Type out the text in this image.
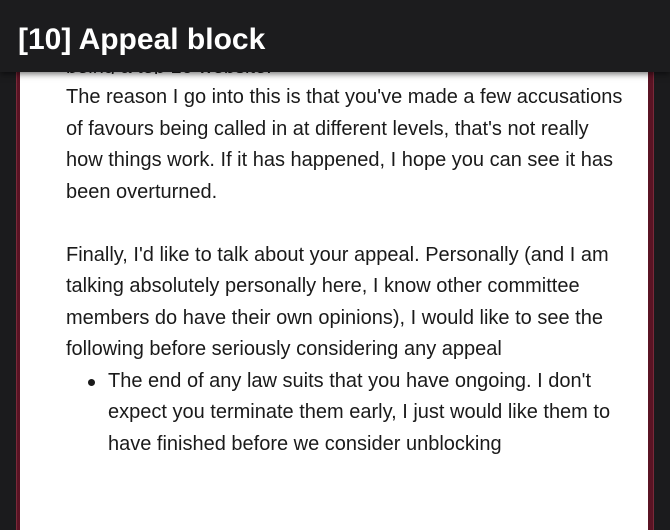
The reason I go into this is that you've made a few accusations of favours being called in at different levels, that's not really how things work. If it has happened, I hope you can see it has been overturned.

Finally, I'd like to talk about your appeal. Personally (and I am talking absolutely personally here, I know other committee members do have their own opinions), I would like to see the following before seriously considering any appeal

The end of any law suits that you have ongoing. I don't expect you terminate them early, I just would like them to have finished before we consider unblocking
[10] Appeal block
